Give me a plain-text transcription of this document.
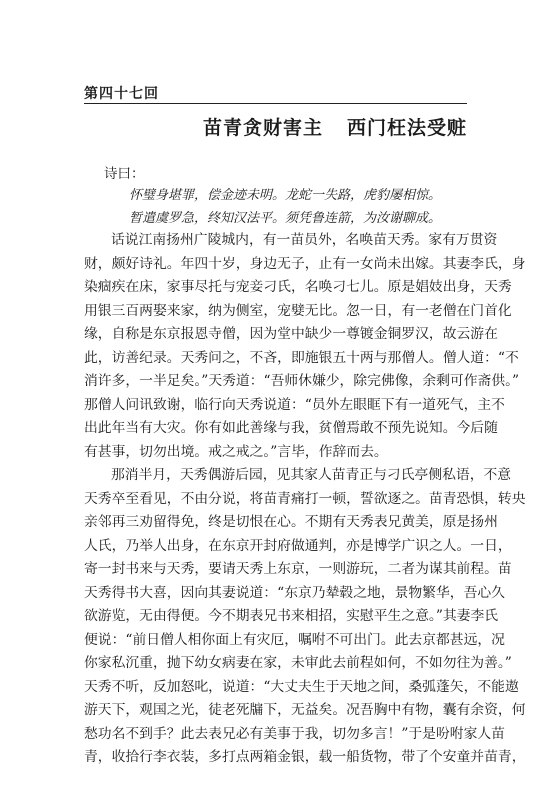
第四十七回
苗青贪财害主 西门枉法受赃
诗曰：
怀璧身堪罪，偿金迹未明。龙蛇一失路，虎豹屡相惊。
暂遣虞罗急，终知汉法平。须凭鲁连箭，为汝谢聊成。
话说江南扬州广陵城内，有一苗员外，名唤苗天秀。家有万贯资
财，颇好诗礼。年四十岁，身边无子，止有一女尚未出嫁。其妻李氏，身
染痼疾在床，家事尽托与宠妾刁氏，名唤刁七儿。原是娼妓出身，天秀
用银三百两娶来家，纳为侧室，宠嬖无比。忽一日，有一老僧在门首化
缘，自称是东京报恩寺僧，因为堂中缺少一尊镀金铜罗汉，故云游在
此，访善纪录。天秀问之，不吝，即施银五十两与那僧人。僧人道：“不
消许多，一半足矣。”天秀道：“吾师休嫌少，除完佛像，余剩可作斋供。”
那僧人问讯致谢，临行向天秀说道：“员外左眼眶下有一道死气，主不
出此年当有大灾。你有如此善缘与我，贫僧焉敢不预先说知。今后随
有甚事，切勿出境。戒之戒之。”言毕，作辞而去。
那消半月，天秀偶游后园，见其家人苗青正与刁氏亭侧私语，不意
天秀卒至看见，不由分说，将苗青痛打一顿，誓欲逐之。苗青恐惧，转央
亲邻再三劝留得免，终是切恨在心。不期有天秀表兄黄美，原是扬州
人氏，乃举人出身，在东京开封府做通判，亦是博学广识之人。一日，
寄一封书来与天秀，要请天秀上东京，一则游玩，二者为谋其前程。苗
天秀得书大喜，因向其妻说道：“东京乃辇毂之地，景物繁华，吾心久
欲游览，无由得便。今不期表兄书来相招，实慰平生之意。”其妻李氏
便说：“前日僧人相你面上有灾厄，嘱咐不可出门。此去京都甚远，况
你家私沉重，抛下幼女病妻在家，未审此去前程如何，不如勿往为善。”
天秀不听，反加怒叱，说道：“大丈夫生于天地之间，桑弧蓬矢，不能遨
游天下，观国之光，徒老死牖下，无益矣。况吾胸中有物，囊有余资，何
愁功名不到手？此去表兄必有美事于我，切勿多言！”于是吩咐家人苗
青，收拾行李衣装，多打点两箱金银，载一船货物，带了个安童并苗青，
